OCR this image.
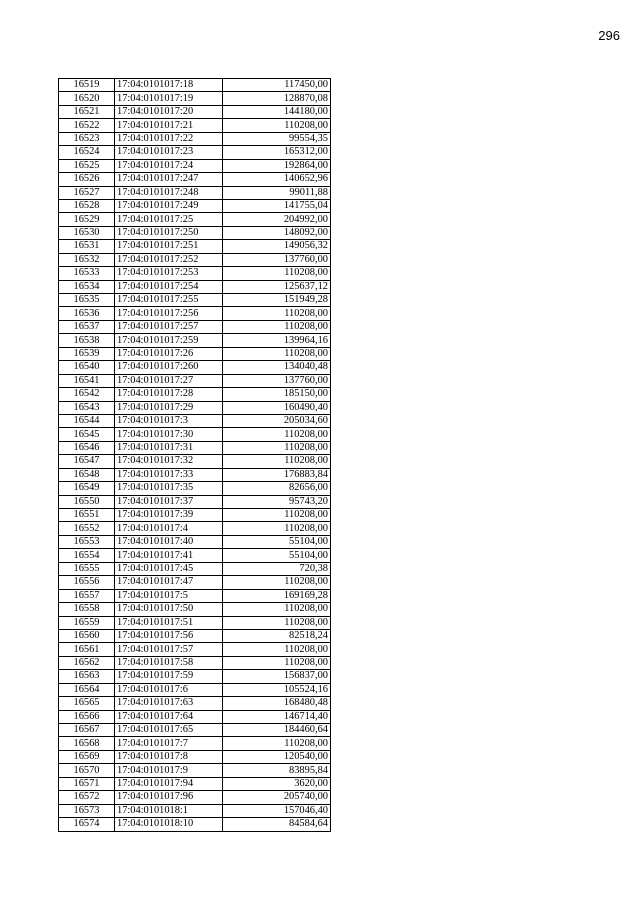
296
16519	17:04:0101017:18	117450,00
16520	17:04:0101017:19	128870,08
16521	17:04:0101017:20	144180,00
16522	17:04:0101017:21	110208,00
16523	17:04:0101017:22	99554,35
16524	17:04:0101017:23	165312,00
16525	17:04:0101017:24	192864,00
16526	17:04:0101017:247	140652,96
16527	17:04:0101017:248	99011,88
16528	17:04:0101017:249	141755,04
16529	17:04:0101017:25	204992,00
16530	17:04:0101017:250	148092,00
16531	17:04:0101017:251	149056,32
16532	17:04:0101017:252	137760,00
16533	17:04:0101017:253	110208,00
16534	17:04:0101017:254	125637,12
16535	17:04:0101017:255	151949,28
16536	17:04:0101017:256	110208,00
16537	17:04:0101017:257	110208,00
16538	17:04:0101017:259	139964,16
16539	17:04:0101017:26	110208,00
16540	17:04:0101017:260	134040,48
16541	17:04:0101017:27	137760,00
16542	17:04:0101017:28	185150,00
16543	17:04:0101017:29	160490,40
16544	17:04:0101017:3	205034,60
16545	17:04:0101017:30	110208,00
16546	17:04:0101017:31	110208,00
16547	17:04:0101017:32	110208,00
16548	17:04:0101017:33	176883,84
16549	17:04:0101017:35	82656,00
16550	17:04:0101017:37	95743,20
16551	17:04:0101017:39	110208,00
16552	17:04:0101017:4	110208,00
16553	17:04:0101017:40	55104,00
16554	17:04:0101017:41	55104,00
16555	17:04:0101017:45	720,38
16556	17:04:0101017:47	110208,00
16557	17:04:0101017:5	169169,28
16558	17:04:0101017:50	110208,00
16559	17:04:0101017:51	110208,00
16560	17:04:0101017:56	82518,24
16561	17:04:0101017:57	110208,00
16562	17:04:0101017:58	110208,00
16563	17:04:0101017:59	156837,00
16564	17:04:0101017:6	105524,16
16565	17:04:0101017:63	168480,48
16566	17:04:0101017:64	146714,40
16567	17:04:0101017:65	184460,64
16568	17:04:0101017:7	110208,00
16569	17:04:0101017:8	120540,00
16570	17:04:0101017:9	83895,84
16571	17:04:0101017:94	3620,00
16572	17:04:0101017:96	205740,00
16573	17:04:0101018:1	157046,40
16574	17:04:0101018:10	84584,64
